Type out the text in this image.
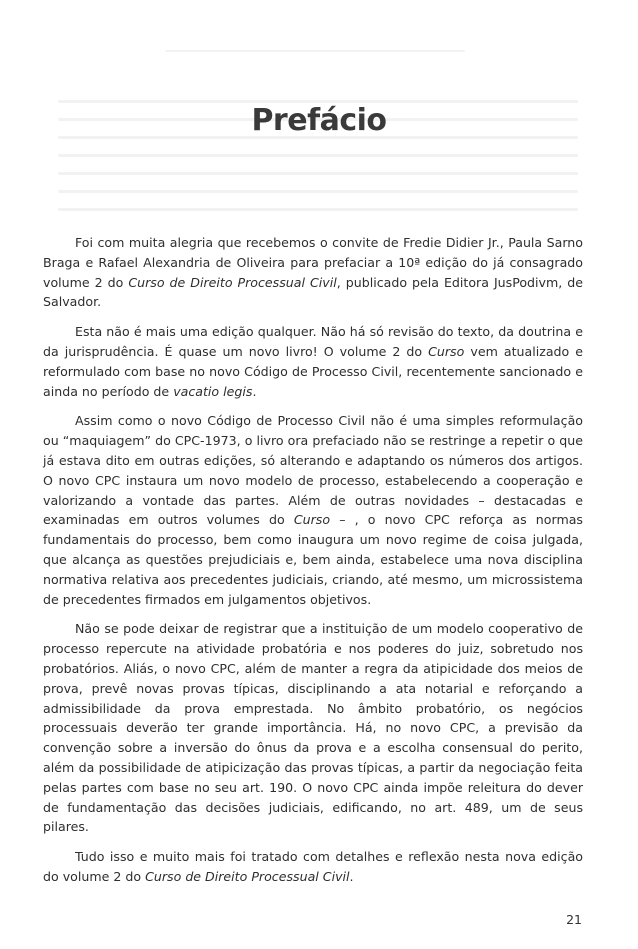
Prefácio

Foi com muita alegria que recebemos o convite de Fredie Didier Jr., Paula Sarno Braga e Rafael Alexandria de Oliveira para prefaciar a 10ª edição do já consagrado volume 2 do Curso de Direito Processual Civil, publicado pela Editora JusPodivm, de Salvador.

Esta não é mais uma edição qualquer. Não há só revisão do texto, da doutrina e da jurisprudência. É quase um novo livro! O volume 2 do Curso vem atualizado e reformulado com base no novo Código de Processo Civil, recentemente sancionado e ainda no período de vacatio legis.

Assim como o novo Código de Processo Civil não é uma simples reformulação ou “maquiagem” do CPC-1973, o livro ora prefaciado não se restringe a repetir o que já estava dito em outras edições, só alterando e adaptando os números dos artigos. O novo CPC instaura um novo modelo de processo, estabelecendo a cooperação e valorizando a vontade das partes. Além de outras novidades – destacadas e examinadas em outros volumes do Curso – , o novo CPC reforça as normas fundamentais do processo, bem como inaugura um novo regime de coisa julgada, que alcança as questões prejudiciais e, bem ainda, estabelece uma nova disciplina normativa relativa aos precedentes judiciais, criando, até mesmo, um microssistema de precedentes firmados em julgamentos objetivos.

Não se pode deixar de registrar que a instituição de um modelo cooperativo de processo repercute na atividade probatória e nos poderes do juiz, sobretudo nos probatórios. Aliás, o novo CPC, além de manter a regra da atipicidade dos meios de prova, prevê novas provas típicas, disciplinando a ata notarial e reforçando a admissibilidade da prova emprestada. No âmbito probatório, os negócios processuais deverão ter grande importância. Há, no novo CPC, a previsão da convenção sobre a inversão do ônus da prova e a escolha consensual do perito, além da possibilidade de atipicização das provas típicas, a partir da negociação feita pelas partes com base no seu art. 190. O novo CPC ainda impõe releitura do dever de fundamentação das decisões judiciais, edificando, no art. 489, um de seus pilares.

Tudo isso e muito mais foi tratado com detalhes e reflexão nesta nova edição do volume 2 do Curso de Direito Processual Civil.

21
